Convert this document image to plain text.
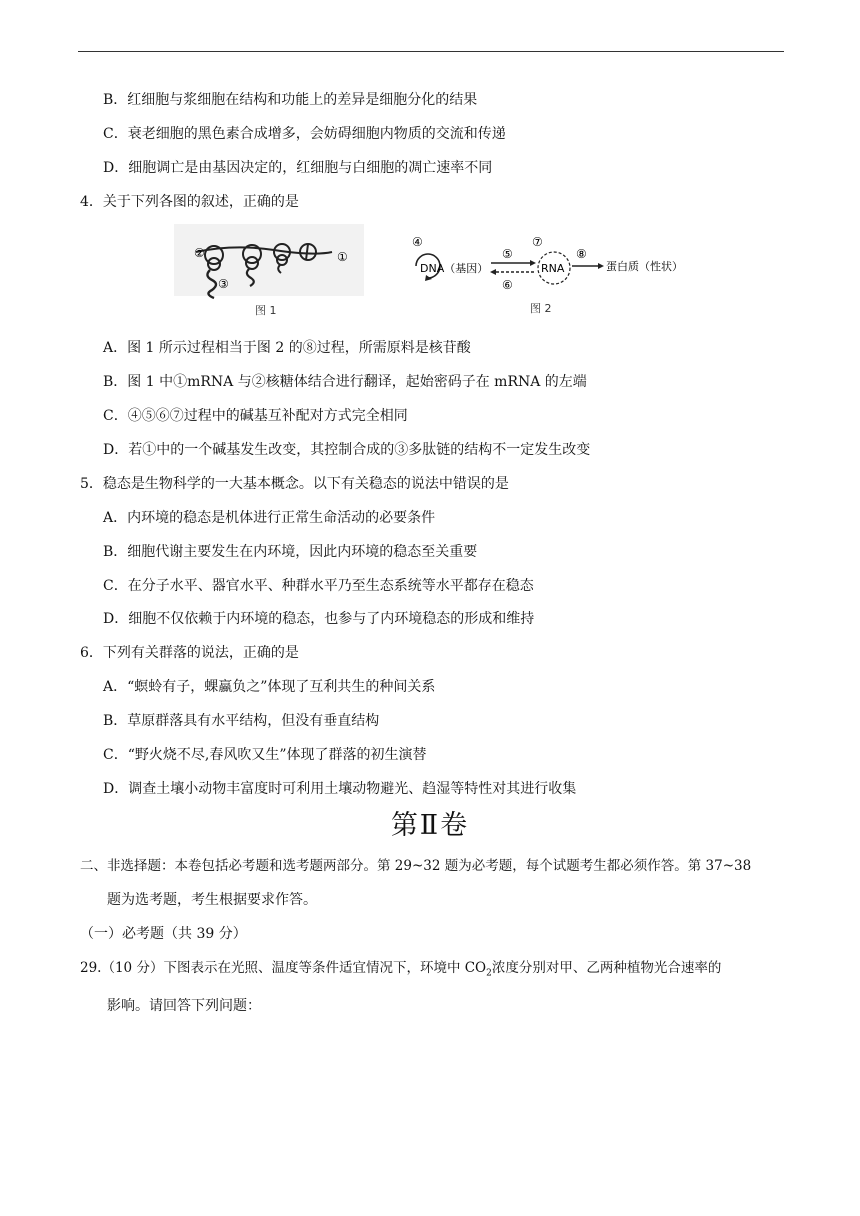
B．红细胞与浆细胞在结构和功能上的差异是细胞分化的结果
C．衰老细胞的黑色素合成增多，会妨碍细胞内物质的交流和传递
D．细胞调亡是由基因决定的，红细胞与白细胞的凋亡速率不同
4．关于下列各图的叙述，正确的是
②
③
①
图 1
④
DNA（基因）
⑤
⑥
⑦
RNA
⑧
蛋白质（性状）
图 2
A．图 1 所示过程相当于图 2 的⑧过程，所需原料是核苷酸
B．图 1 中①mRNA 与②核糖体结合进行翻译，起始密码子在 mRNA 的左端
C．④⑤⑥⑦过程中的碱基互补配对方式完全相同
D．若①中的一个碱基发生改变，其控制合成的③多肽链的结构不一定发生改变
5．稳态是生物科学的一大基本概念。以下有关稳态的说法中错误的是
A．内环境的稳态是机体进行正常生命活动的必要条件
B．细胞代谢主要发生在内环境，因此内环境的稳态至关重要
C．在分子水平、器官水平、种群水平乃至生态系统等水平都存在稳态
D．细胞不仅依赖于内环境的稳态，也参与了内环境稳态的形成和维持
6．下列有关群落的说法，正确的是
A．“螟蛉有子，蜾蠃负之”体现了互利共生的种间关系
B．草原群落具有水平结构，但没有垂直结构
C．“野火烧不尽,春风吹又生”体现了群落的初生演替
D．调查土壤小动物丰富度时可利用土壤动物避光、趋湿等特性对其进行收集
第Ⅱ卷
二、非选择题：本卷包括必考题和选考题两部分。第 29~32 题为必考题，每个试题考生都必须作答。第 37~38
题为选考题，考生根据要求作答。
（一）必考题（共 39 分）
29.（10 分）下图表示在光照、温度等条件适宜情况下，环境中 $CO_2$浓度分别对甲、乙两种植物光合速率的
影响。请回答下列问题：
